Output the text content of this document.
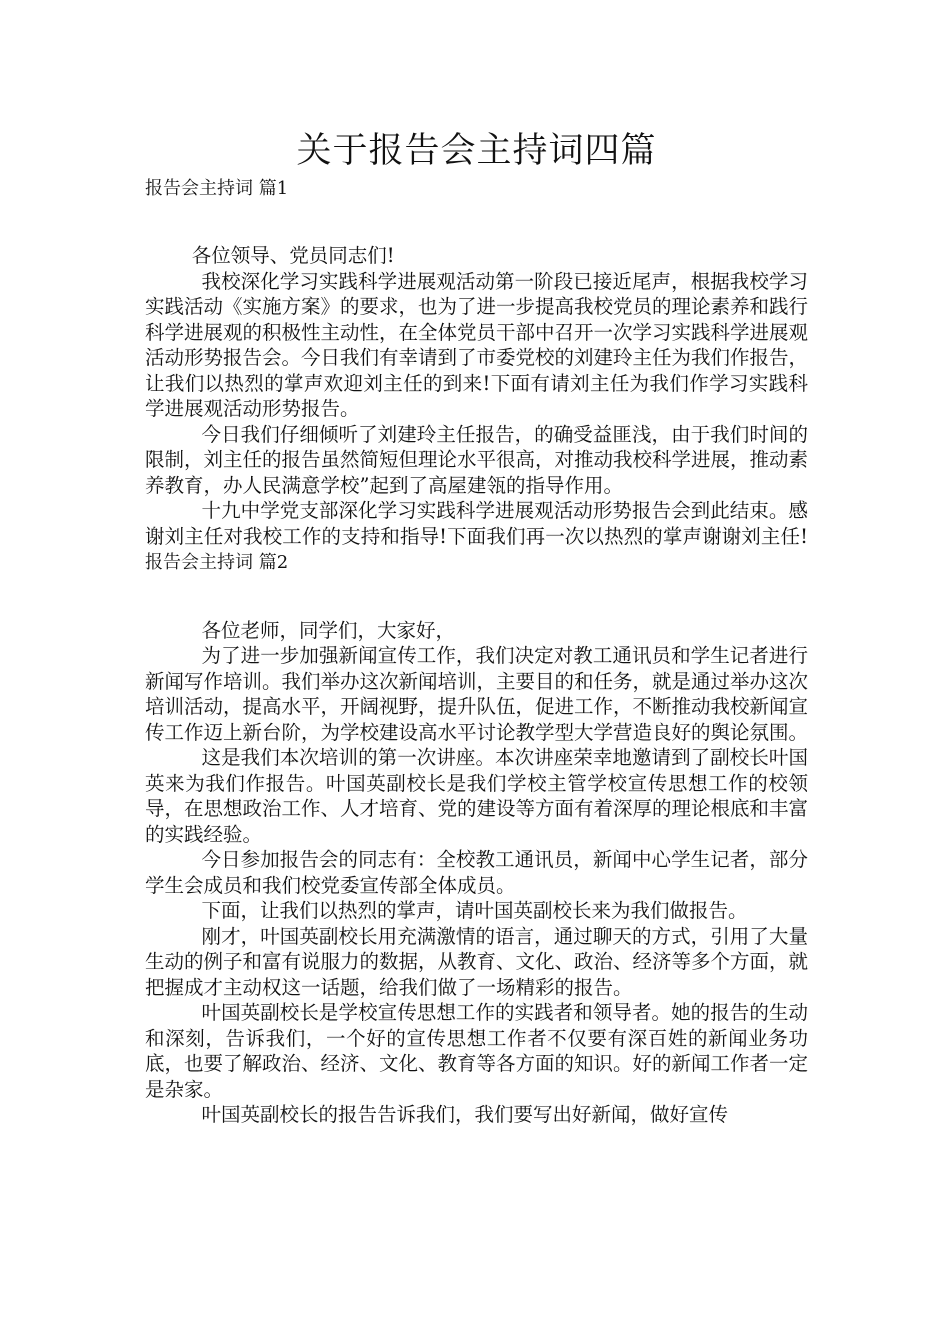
关于报告会主持词四篇

报告会主持词 篇1

各位领导、党员同志们!

我校深化学习实践科学进展观活动第一阶段已接近尾声，根据我校学习实践活动《实施方案》的要求，也为了进一步提高我校党员的理论素养和践行科学进展观的积极性主动性，在全体党员干部中召开一次学习实践科学进展观活动形势报告会。今日我们有幸请到了市委党校的刘建玲主任为我们作报告，让我们以热烈的掌声欢迎刘主任的到来!下面有请刘主任为我们作学习实践科学进展观活动形势报告。

今日我们仔细倾听了刘建玲主任报告，的确受益匪浅，由于我们时间的限制，刘主任的报告虽然简短但理论水平很高，对推动我校科学进展，推动素养教育，办人民满意学校”起到了高屋建瓴的指导作用。

十九中学党支部深化学习实践科学进展观活动形势报告会到此结束。感谢刘主任对我校工作的支持和指导!下面我们再一次以热烈的掌声谢谢刘主任!报告会主持词 篇2

各位老师，同学们，大家好，

为了进一步加强新闻宣传工作，我们决定对教工通讯员和学生记者进行新闻写作培训。我们举办这次新闻培训，主要目的和任务，就是通过举办这次培训活动，提高水平，开阔视野，提升队伍，促进工作，不断推动我校新闻宣传工作迈上新台阶，为学校建设高水平讨论教学型大学营造良好的舆论氛围。

这是我们本次培训的第一次讲座。本次讲座荣幸地邀请到了副校长叶国英来为我们作报告。叶国英副校长是我们学校主管学校宣传思想工作的校领导，在思想政治工作、人才培育、党的建设等方面有着深厚的理论根底和丰富的实践经验。

今日参加报告会的同志有：全校教工通讯员，新闻中心学生记者，部分学生会成员和我们校党委宣传部全体成员。

下面，让我们以热烈的掌声，请叶国英副校长来为我们做报告。

刚才，叶国英副校长用充满激情的语言，通过聊天的方式，引用了大量生动的例子和富有说服力的数据，从教育、文化、政治、经济等多个方面，就把握成才主动权这一话题，给我们做了一场精彩的报告。

叶国英副校长是学校宣传思想工作的实践者和领导者。她的报告的生动和深刻，告诉我们，一个好的宣传思想工作者不仅要有深百姓的新闻业务功底，也要了解政治、经济、文化、教育等各方面的知识。好的新闻工作者一定是杂家。

叶国英副校长的报告告诉我们，我们要写出好新闻，做好宣传
